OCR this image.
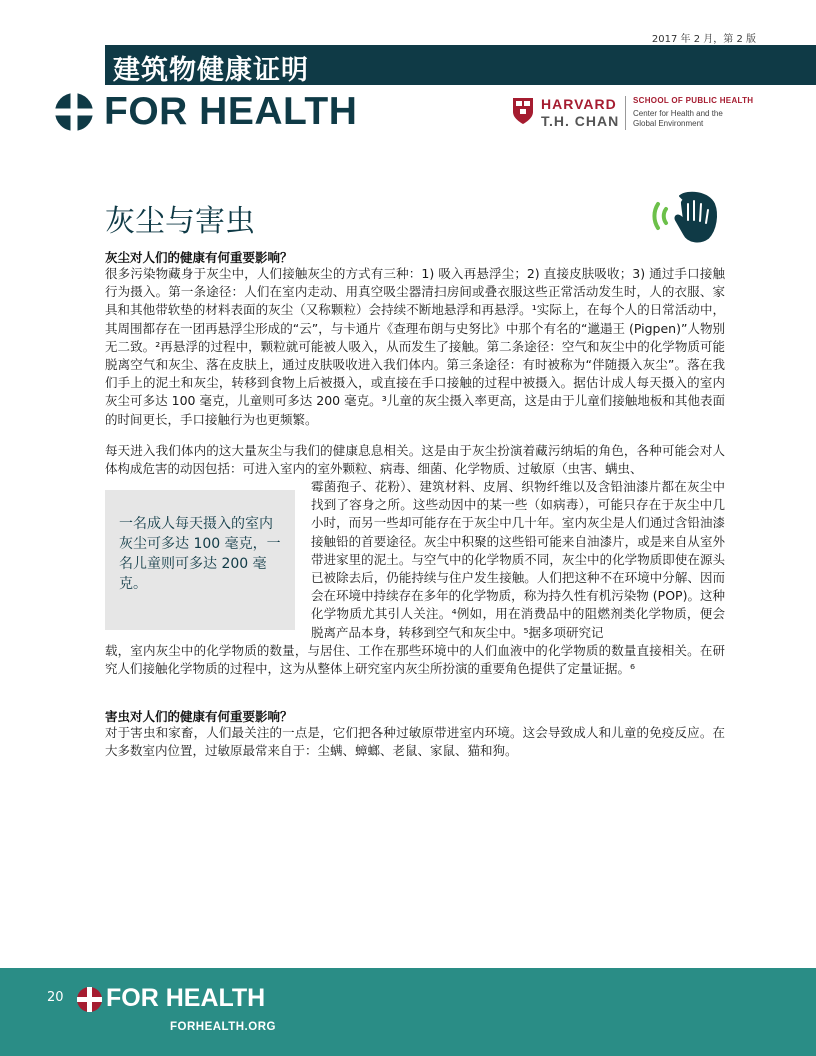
2017 年 2 月，第 2 版
建筑物健康证明
FOR HEALTH	HARVARD
T.H. CHAN
SCHOOL OF PUBLIC HEALTH
Center for Health and the Global Environment
灰尘与害虫
灰尘对人们的健康有何重要影响？

很多污染物藏身于灰尘中，人们接触灰尘的方式有三种：1) 吸入再悬浮尘；2) 直接皮肤吸收；3) 通过手口接触行为摄入。第一条途径：人们在室内走动、用真空吸尘器清扫房间或叠衣服这些正常活动发生时，人的衣服、家具和其他带软垫的材料表面的灰尘（又称颗粒）会持续不断地悬浮和再悬浮。¹实际上，在每个人的日常活动中，其周围都存在一团再悬浮尘形成的“云”，与卡通片《查理布朗与史努比》中那个有名的“邋遢王 (Pigpen)”人物别无二致。²再悬浮的过程中，颗粒就可能被人吸入，从而发生了接触。第二条途径：空气和灰尘中的化学物质可能脱离空气和灰尘、落在皮肤上，通过皮肤吸收进入我们体内。第三条途径：有时被称为“伴随摄入灰尘”。落在我们手上的泥土和灰尘，转移到食物上后被摄入，或直接在手口接触的过程中被摄入。据估计成人每天摄入的室内灰尘可多达 100 毫克，儿童则可多达 200 毫克。³儿童的灰尘摄入率更高，这是由于儿童们接触地板和其他表面的时间更长，手口接触行为也更频繁。

每天进入我们体内的这大量灰尘与我们的健康息息相关。这是由于灰尘扮演着藏污纳垢的角色，各种可能会对人体构成危害的动因包括：可进入室内的室外颗粒、病毒、细菌、化学物质、过敏原（虫害、螨虫、

一名成人每天摄入的室内灰尘可多达 100 毫克，一名儿童则可多达 200 毫克。

霉菌孢子、花粉）、建筑材料、皮屑、织物纤维以及含铅油漆片都在灰尘中找到了容身之所。这些动因中的某一些（如病毒），可能只存在于灰尘中几小时，而另一些却可能存在于灰尘中几十年。室内灰尘是人们通过含铅油漆接触铅的首要途径。灰尘中积聚的这些铅可能来自油漆片，或是来自从室外带进家里的泥土。与空气中的化学物质不同，灰尘中的化学物质即使在源头已被除去后，仍能持续与住户发生接触。人们把这种不在环境中分解、因而会在环境中持续存在多年的化学物质，称为持久性有机污染物 (POP)。这种化学物质尤其引人关注。⁴例如，用在消费品中的阻燃剂类化学物质，便会脱离产品本身，转移到空气和灰尘中。⁵据多项研究记

载，室内灰尘中的化学物质的数量，与居住、工作在那些环境中的人们血液中的化学物质的数量直接相关。在研究人们接触化学物质的过程中，这为从整体上研究室内灰尘所扮演的重要角色提供了定量证据。⁶

害虫对人们的健康有何重要影响？

对于害虫和家畜，人们最关注的一点是，它们把各种过敏原带进室内环境。这会导致成人和儿童的免疫反应。在大多数室内位置，过敏原最常来自于：尘螨、蟑螂、老鼠、家鼠、猫和狗。

20 FOR HEALTH
FORHEALTH.ORG
